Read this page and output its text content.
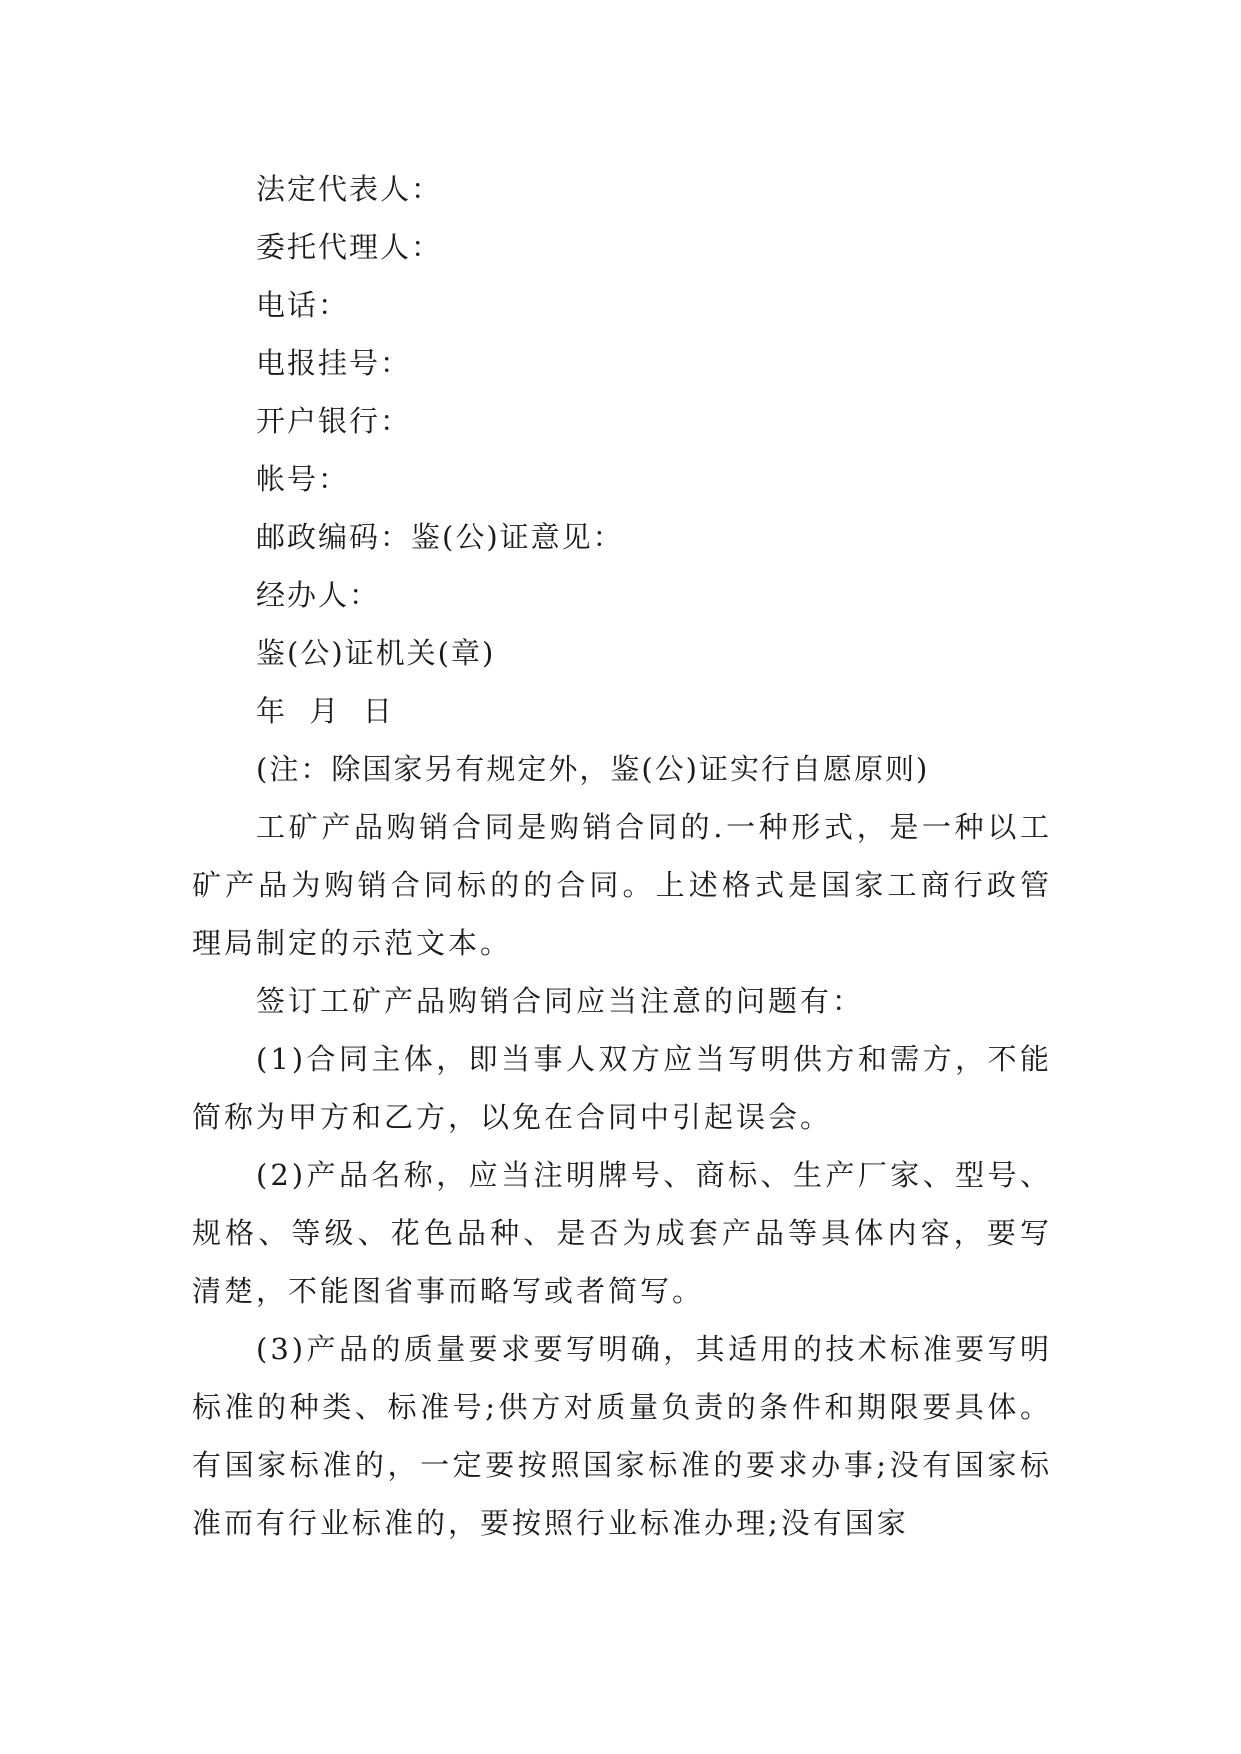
法定代表人：

委托代理人：

电话：

电报挂号：

开户银行：

帐号：

邮政编码：鉴(公)证意见：

经办人：

鉴(公)证机关(章)

年  月  日

(注：除国家另有规定外，鉴(公)证实行自愿原则)

工矿产品购销合同是购销合同的.一种形式，是一种以工矿产品为购销合同标的的合同。上述格式是国家工商行政管理局制定的示范文本。

签订工矿产品购销合同应当注意的问题有：

(1)合同主体，即当事人双方应当写明供方和需方，不能简称为甲方和乙方，以免在合同中引起误会。

(2)产品名称，应当注明牌号、商标、生产厂家、型号、规格、等级、花色品种、是否为成套产品等具体内容，要写清楚，不能图省事而略写或者简写。

(3)产品的质量要求要写明确，其适用的技术标准要写明标准的种类、标准号;供方对质量负责的条件和期限要具体。有国家标准的，一定要按照国家标准的要求办事;没有国家标准而有行业标准的，要按照行业标准办理;没有国家
